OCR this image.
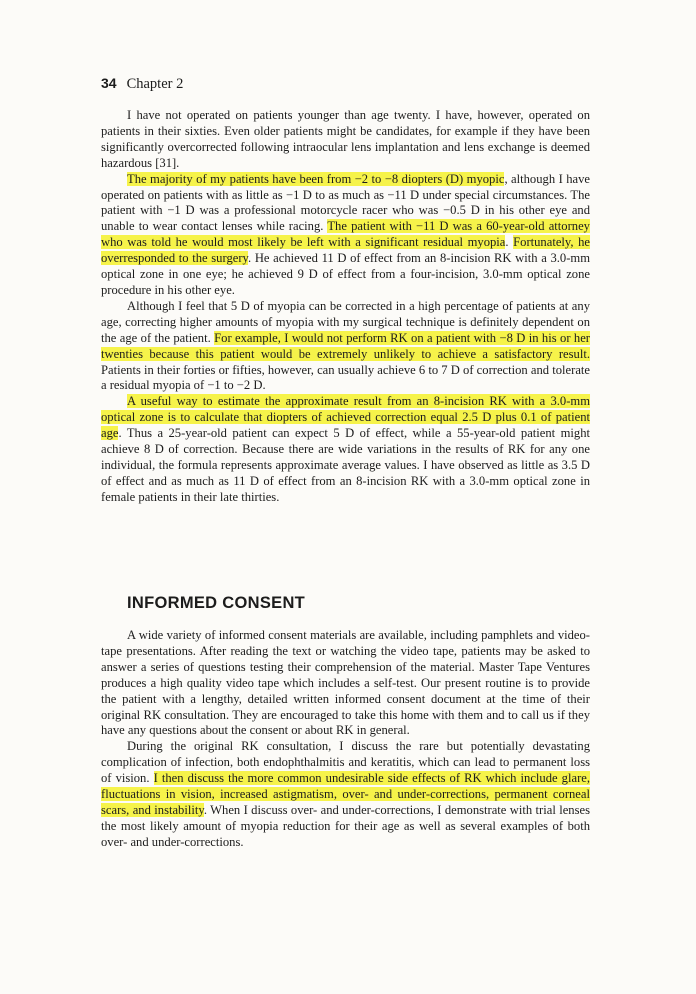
34 Chapter 2

I have not operated on patients younger than age twenty. I have, however, operated on patients in their sixties. Even older patients might be candidates, for example if they have been significantly overcorrected following intraocular lens implantation and lens exchange is deemed hazardous [31].

The majority of my patients have been from −2 to −8 diopters (D) myopic, although I have operated on patients with as little as −1 D to as much as −11 D under special circumstances. The patient with −1 D was a professional motorcycle racer who was −0.5 D in his other eye and unable to wear contact lenses while racing. The patient with −11 D was a 60-year-old attorney who was told he would most likely be left with a significant residual myopia. Fortunately, he overresponded to the surgery. He achieved 11 D of effect from an 8-incision RK with a 3.0-mm optical zone in one eye; he achieved 9 D of effect from a four-incision, 3.0-mm optical zone procedure in his other eye.

Although I feel that 5 D of myopia can be corrected in a high percentage of patients at any age, correcting higher amounts of myopia with my surgical technique is definitely dependent on the age of the patient. For example, I would not perform RK on a patient with −8 D in his or her twenties because this patient would be extremely unlikely to achieve a satisfactory result. Patients in their forties or fifties, however, can usually achieve 6 to 7 D of correction and tolerate a residual myopia of −1 to −2 D.

A useful way to estimate the approximate result from an 8-incision RK with a 3.0-mm optical zone is to calculate that diopters of achieved correction equal 2.5 D plus 0.1 of patient age. Thus a 25-year-old patient can expect 5 D of effect, while a 55-year-old patient might achieve 8 D of correction. Because there are wide variations in the results of RK for any one individual, the formula represents approximate average values. I have observed as little as 3.5 D of effect and as much as 11 D of effect from an 8-incision RK with a 3.0-mm optical zone in female patients in their late thirties.

INFORMED CONSENT

A wide variety of informed consent materials are available, including pamphlets and video-tape presentations. After reading the text or watching the video tape, patients may be asked to answer a series of questions testing their comprehension of the material. Master Tape Ventures produces a high quality video tape which includes a self-test. Our present routine is to provide the patient with a lengthy, detailed written informed consent document at the time of their original RK consultation. They are encouraged to take this home with them and to call us if they have any questions about the consent or about RK in general.

During the original RK consultation, I discuss the rare but potentially devastating complication of infection, both endophthalmitis and keratitis, which can lead to permanent loss of vision. I then discuss the more common undesirable side effects of RK which include glare, fluctuations in vision, increased astigmatism, over- and under-corrections, permanent corneal scars, and instability. When I discuss over- and under-corrections, I demonstrate with trial lenses the most likely amount of myopia reduction for their age as well as several examples of both over- and under-corrections.
